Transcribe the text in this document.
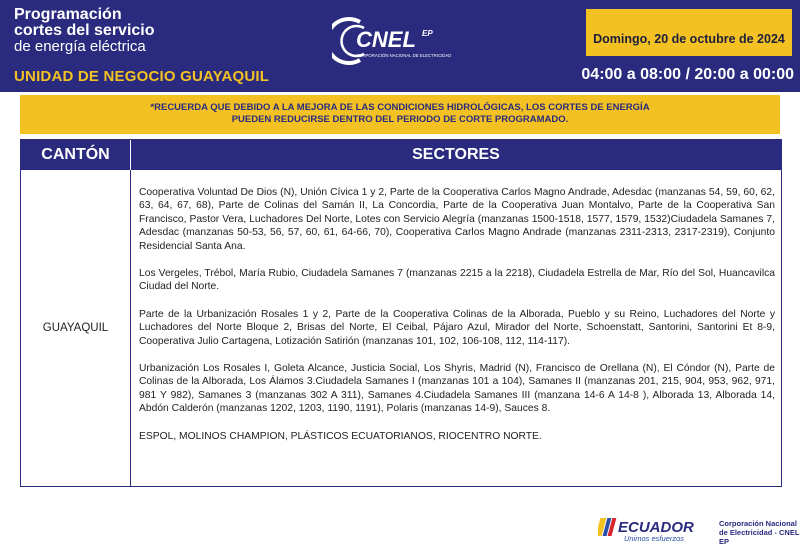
Programación
cortes del servicio
de energía eléctrica
UNIDAD DE NEGOCIO GUAYAQUIL
CNEL EP
CORPORACIÓN NACIONAL DE ELECTRICIDAD
Domingo, 20 de octubre de 2024
04:00 a 08:00 / 20:00 a 00:00
*RECUERDA QUE DEBIDO A LA MEJORA DE LAS CONDICIONES HIDROLÓGICAS, LOS CORTES DE ENERGÍA
PUEDEN REDUCIRSE DENTRO DEL PERIODO DE CORTE PROGRAMADO.
CANTÓN	SECTORES
GUAYAQUIL

Cooperativa Voluntad De Dios (N), Unión Cívica 1 y 2, Parte de la Cooperativa Carlos Magno Andrade, Adesdac (manzanas 54, 59, 60, 62, 63, 64, 67, 68), Parte de Colinas del Samán II, La Concordia, Parte de la Cooperativa Juan Montalvo, Parte de la Cooperativa San Francisco, Pastor Vera, Luchadores Del Norte, Lotes con Servicio Alegría (manzanas 1500-1518, 1577, 1579, 1532)Ciudadela Samanes 7, Adesdac (manzanas 50-53, 56, 57, 60, 61, 64-66, 70), Cooperativa Carlos Magno Andrade (manzanas 2311-2313, 2317-2319), Conjunto Residencial Santa Ana.

Los Vergeles, Trébol, María Rubio, Ciudadela Samanes 7 (manzanas 2215 a la 2218), Ciudadela Estrella de Mar, Río del Sol, Huancavilca Ciudad del Norte.

Parte de la Urbanización Rosales 1 y 2, Parte de la Cooperativa Colinas de la Alborada, Pueblo y su Reino, Luchadores del Norte y Luchadores del Norte Bloque 2, Brisas del Norte, El Ceibal, Pájaro Azul, Mirador del Norte, Schoenstatt, Santorini, Santorini Et 8-9, Cooperativa Julio Cartagena, Lotización Satirión (manzanas 101, 102, 106-108, 112, 114-117).

Urbanización Los Rosales I, Goleta Alcance, Justicia Social, Los Shyris, Madrid (N), Francisco de Orellana (N), El Cóndor (N), Parte de Colinas de la Alborada, Los Álamos 3.Ciudadela Samanes I (manzanas 101 a 104), Samanes II (manzanas 201, 215, 904, 953, 962, 971, 981 Y 982), Samanes 3 (manzanas 302 A 311), Samanes 4.Ciudadela Samanes III (manzana 14-6 A 14-8 ), Alborada 13, Alborada 14, Abdón Calderón (manzanas 1202, 1203, 1190, 1191), Polaris (manzanas 14-9), Sauces 8.

ESPOL, MOLINOS CHAMPION, PLÁSTICOS ECUATORIANOS, RIOCENTRO NORTE.

ECUADOR
Unimos esfuerzos
Corporación Nacional
de Electricidad - CNEL EP
